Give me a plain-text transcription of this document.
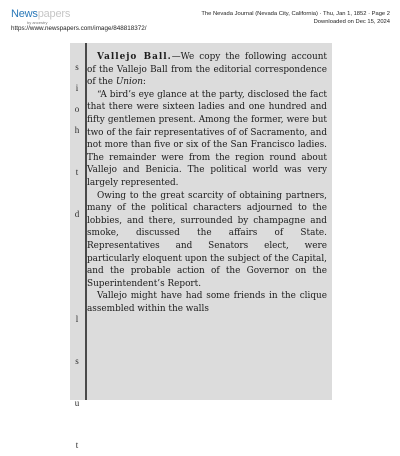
Newspapers
by ancestry
https://www.newspapers.com/image/848818372/
The Nevada Journal (Nevada City, California) · Thu, Jan 1, 1852 · Page 2
Downloaded on Dec 15, 2024
s
i
o
h

t

d

l

s

u

t

Vallejo Ball.—We copy the following account of the Vallejo Ball from the editorial correspondence of the Union:

“A bird’s eye glance at the party, disclosed the fact that there were sixteen ladies and one hundred and fifty gentlemen present. Among the former, were but two of the fair representatives of of Sacramento, and not more than five or six of the San Francisco ladies. The remainder were from the region round about Vallejo and Benicia. The political world was very largely represented.

Owing to the great scarcity of obtaining partners, many of the political characters adjourned to the lobbies, and there, surrounded by champagne and smoke, discussed the affairs of State. Representatives and Senators elect, were particularly eloquent upon the subject of the Capital, and the probable action of the Governor on the Superintendent’s Report.

Vallejo might have had some friends in the clique assembled within the walls
